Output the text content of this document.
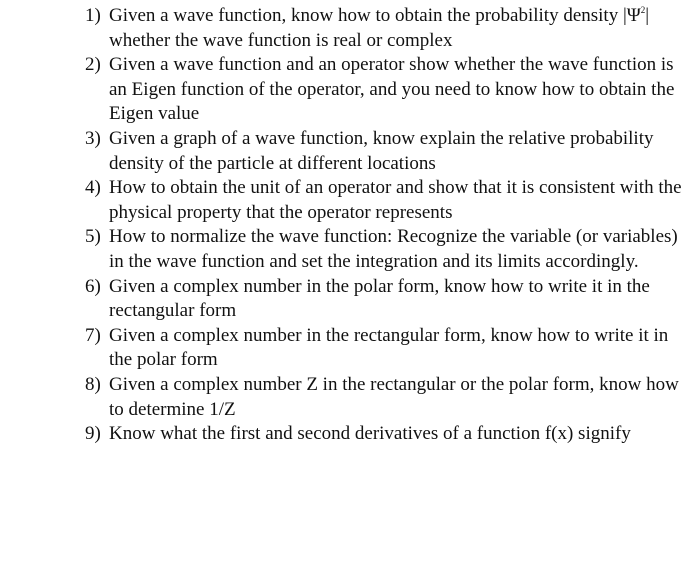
1) Given a wave function, know how to obtain the probability density $|\Psi^2|$ whether the wave function is real or complex
2) Given a wave function and an operator show whether the wave function is an Eigen function of the operator, and you need to know how to obtain the Eigen value
3) Given a graph of a wave function, know explain the relative probability density of the particle at different locations
4) How to obtain the unit of an operator and show that it is consistent with the physical property that the operator represents
5) How to normalize the wave function: Recognize the variable (or variables) in the wave function and set the integration and its limits accordingly.
6) Given a complex number in the polar form, know how to write it in the rectangular form
7) Given a complex number in the rectangular form, know how to write it in the polar form
8) Given a complex number Z in the rectangular or the polar form, know how to determine 1/Z
9) Know what the first and second derivatives of a function f(x) signify
